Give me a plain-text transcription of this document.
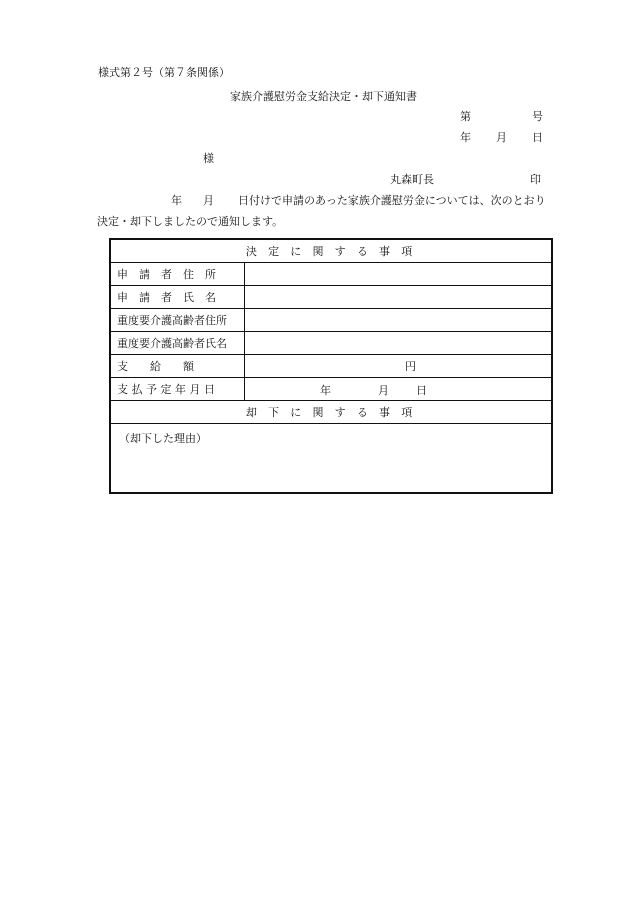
様式第２号（第７条関係）
家族介護慰労金支給決定・却下通知書
第	号
年 月 日
様
丸森町長	印
年 月 日付けで申請のあった家族介護慰労金については、次のとおり
決定・却下しましたので通知します。
決 定 に 関 す る 事 項	
申　請　者　住　所	
申　請　者　氏　名	
重度要介護高齢者住所	
重度要介護高齢者氏名	
支　　給　　額	円
支 払 予 定 年 月 日	年 月 日

却 下 に 関 す る 事 項	
（却下した理由）	
